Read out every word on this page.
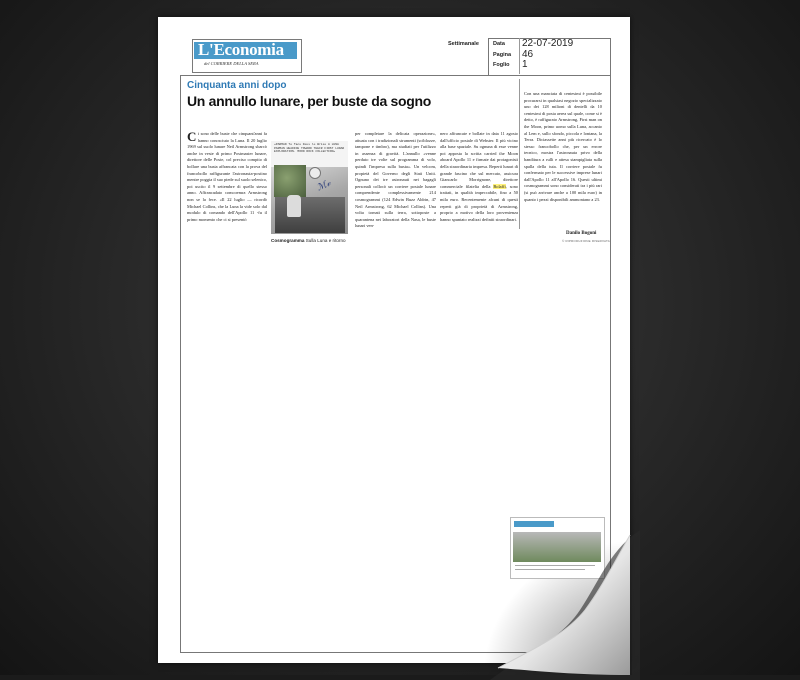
L'Economia
del CORRIERE DELLA SERA
Settimanale	Data 22-07-2019
Pagina 46
Foglio 1
Cinquanta anni dopo
Un annullo lunare, per buste da sogno
Ci sono delle buste che cinquant'anni fa hanno conosciuto la Luna. Il 20 luglio 1969 sul suolo lunare Neil Armstrong sbarcò anche in veste di primo Postmaster lunare, direttore delle Poste, col preciso compito di bollare una busta affrancata con la prova del francobollo raffigurante l'astronauta-postino mentre poggia il suo piede sul suolo selenico, poi uscito il 9 settembre di quello stesso anno. Affrancadato comcoemra Armstrong non se la fece. «Il 22 luglio — ricordò Michael Collins, che la Luna la vide solo dal modulo di comando dell'Apollo 11 -fu il primo momento che ci si presentò
«PARMAN To face Deus le Brise A LUNA PARMAN HEADING TOWARD THEIR FIRST LUNAR EXPLORATION. MOON ROCK COLLECTION»
ℳ𝓋
Cosmogramma Sulla Luna e ritorno
per completare la delicata operazione», attuata con i tradizionali strumenti (sciblozze, tampone e timbro), ma studiati per l'utilizzo in assenza di gravità. L'annullo «venne perduto tre volte sul programma di volo, quindi l'impresa sulla busta». Un velcom, propietà del Governo degli Stati Uniti. Ognuno dei tre astronauti nei bagagli personali collocò un corriere postale lunare comprendente complessivamente 214 cosmogrammi (124 Edwin Buzz Aldrin, 47 Neil Armstrong, 62 Michael Collins). Una volta tornati sulla terra, sottoposte a quarantena nei laboratori della Nasa, le buste lunari ven-
nero affrancate e bollate in data 11 agosto dall'ufficio postale di Webster. Il più vicino alla base spaziale. Su ognuna di esse venne poi apposta la scritta carried the Moon aboard Apollo 11 e firmate dai protagonisti della straordinaria impresa. Reperti lunari di grande fascino che sul mercato, assicura Giancarlo Morrignone, direttore commerciale filatelia della Bolaffi, sono trattati, in qualità impeccabile, fino a 50 mila euro. Recentemente alcuni di questi reperti già di proprietà di Armstrong, proprio a motivo della loro provenienza hanno spuntato realizzi definiti straordinari.
Con una manciata di centesimi è possibile procurarsi in qualsiasi negozio specializzato uno dei 128 milioni di dentelli da 10 centesimi di posta aerea sul quale, come si è detto, è raffigurato Armstrong, First man on the Moon, primo uomo sulla Luna, accanto al Lem e, sullo sfondo, piccola e lontana, la Terra. Diciassette anni più ricercato è lo stesso francobollo che, per un errore tecnico, mostra l'astronauta privo della banditura a rulli e attesa stampigliata sulla spalla della tuta. Il corriere postale fu confermato per le successive imprese lunari dall'Apollo 11 all'Apollo 16. Questi ultimi cosmogrammi sono considerati tra i più rari (si può arrivare anche a 100 mila euro) in quanto i pezzi disponibili ammontano a 23.
Danilo Bogoni
© RIPRODUZIONE RISERVATA
